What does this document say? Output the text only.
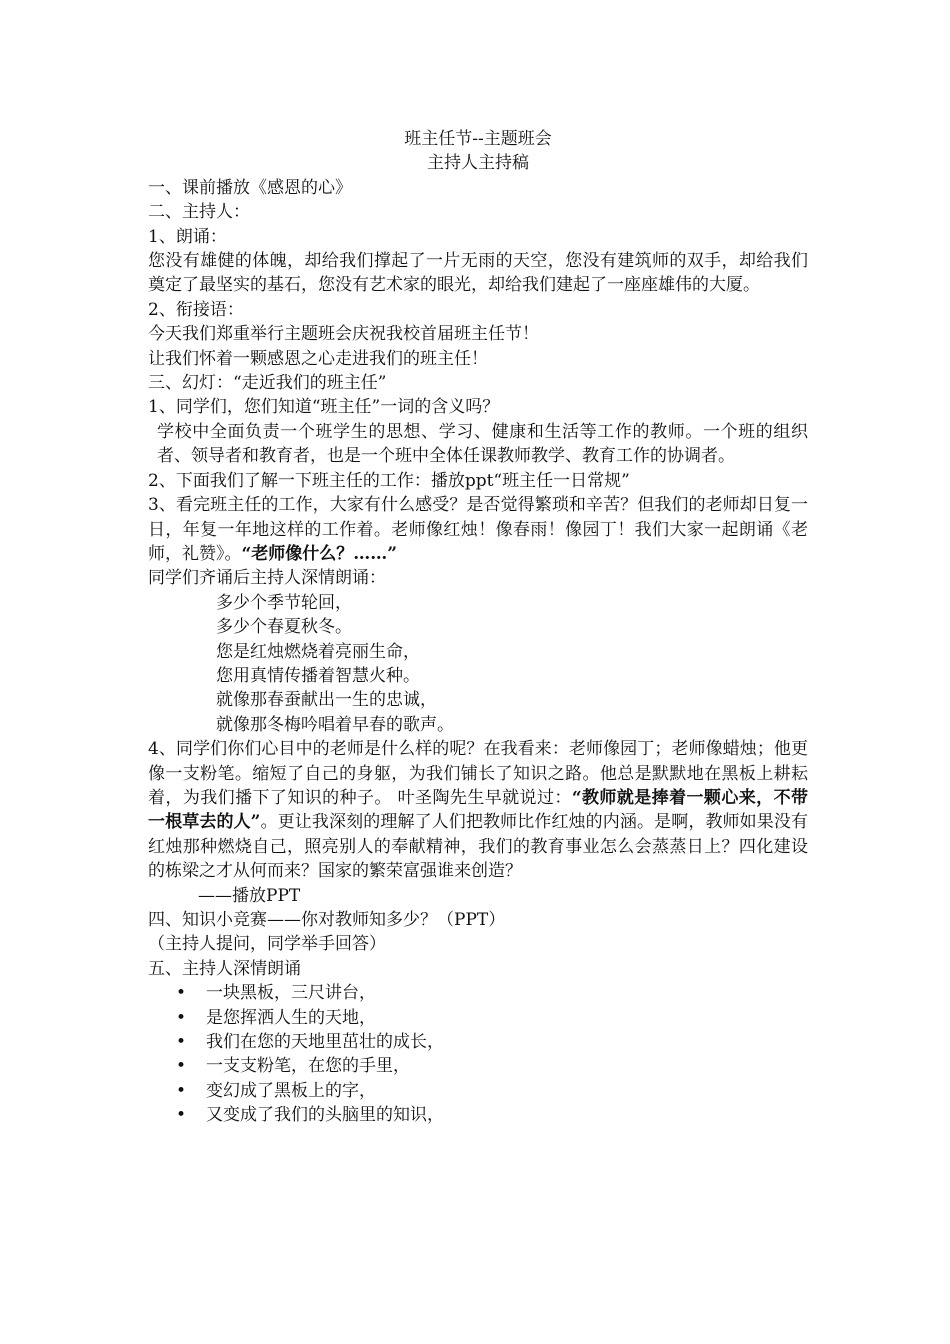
班主任节--主题班会
主持人主持稿
一、课前播放《感恩的心》
二、主持人：
1、朗诵：
您没有雄健的体魄，却给我们撑起了一片无雨的天空，您没有建筑师的双手，却给我们奠定了最坚实的基石，您没有艺术家的眼光，却给我们建起了一座座雄伟的大厦。
2、衔接语：
今天我们郑重举行主题班会庆祝我校首届班主任节！
让我们怀着一颗感恩之心走进我们的班主任！
三、幻灯：“走近我们的班主任”
1、同学们，您们知道“班主任”一词的含义吗？
学校中全面负责一个班学生的思想、学习、健康和生活等工作的教师。一个班的组织者、领导者和教育者，也是一个班中全体任课教师教学、教育工作的协调者。
2、下面我们了解一下班主任的工作：播放ppt“班主任一日常规”
3、看完班主任的工作，大家有什么感受？是否觉得繁琐和辛苦？但我们的老师却日复一日，年复一年地这样的工作着。老师像红烛！像春雨！像园丁！我们大家一起朗诵《老师，礼赞》。“老师像什么？……”
同学们齐诵后主持人深情朗诵：
多少个季节轮回，
多少个春夏秋冬。
您是红烛燃烧着亮丽生命，
您用真情传播着智慧火种。
就像那春蚕献出一生的忠诚，
就像那冬梅吟唱着早春的歌声。
4、同学们你们心目中的老师是什么样的呢？在我看来：老师像园丁；老师像蜡烛；他更像一支粉笔。缩短了自己的身躯，为我们铺长了知识之路。他总是默默地在黑板上耕耘着，为我们播下了知识的种子。 叶圣陶先生早就说过：“教师就是捧着一颗心来，不带一根草去的人”。更让我深刻的理解了人们把教师比作红烛的内涵。是啊，教师如果没有红烛那种燃烧自己，照亮别人的奉献精神，我们的教育事业怎么会蒸蒸日上？四化建设的栋梁之才从何而来？国家的繁荣富强谁来创造？
——播放PPT
四、知识小竞赛——你对教师知多少？（PPT）
（主持人提问，同学举手回答）
五、主持人深情朗诵
• 一块黑板，三尺讲台，
• 是您挥洒人生的天地，
• 我们在您的天地里茁壮的成长，
• 一支支粉笔，在您的手里，
• 变幻成了黑板上的字，
• 又变成了我们的头脑里的知识，
